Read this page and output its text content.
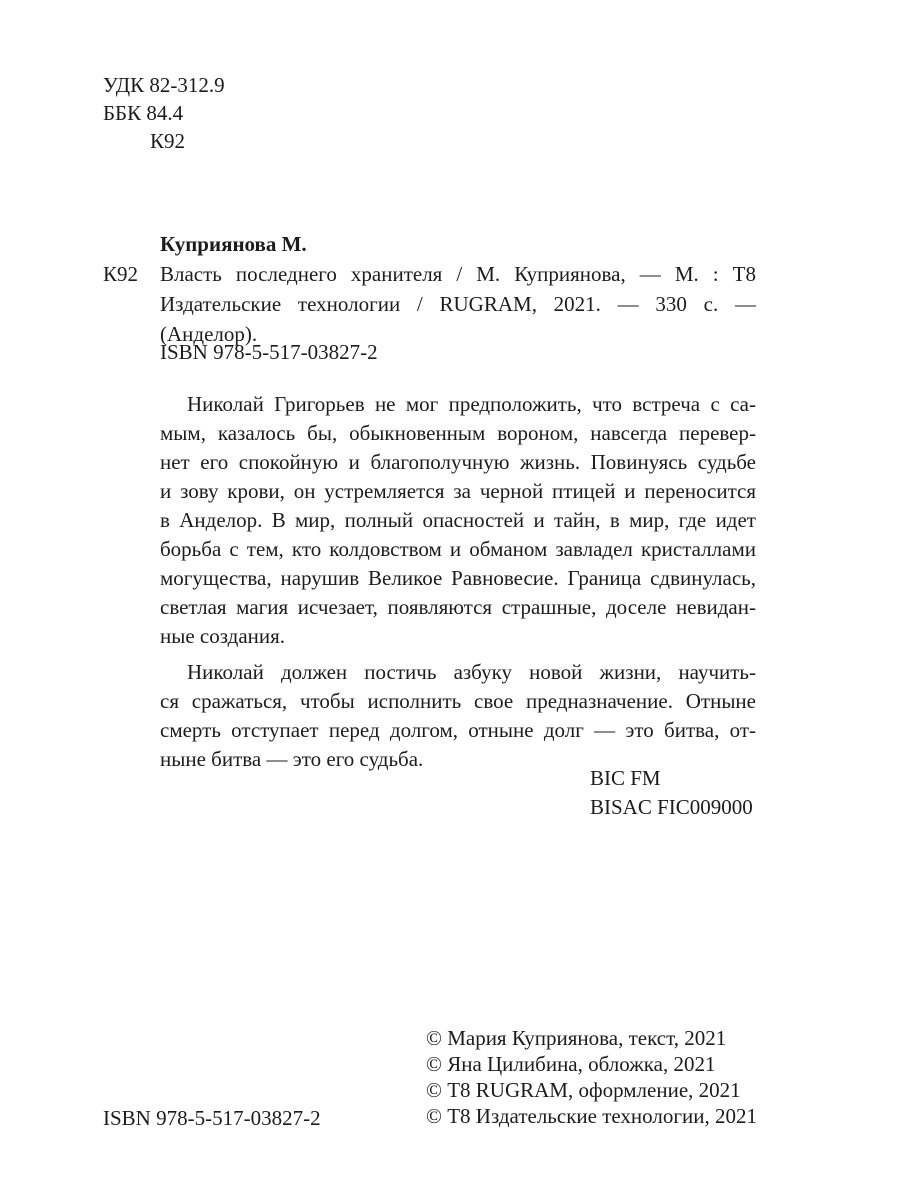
УДК 82-312.9
ББК 84.4
К92
Куприянова М.
К92 Власть последнего хранителя / М. Куприянова, — М. : Т8
Издательские технологии / RUGRAM, 2021. — 330 с. — (Анделор).
ISBN 978-5-517-03827-2
Николай Григорьев не мог предположить, что встреча с са-
мым, казалось бы, обыкновенным вороном, навсегда перевер-
нет его спокойную и благополучную жизнь. Повинуясь судьбе
и зову крови, он устремляется за черной птицей и переносится
в Анделор. В мир, полный опасностей и тайн, в мир, где идет
борьба с тем, кто колдовством и обманом завладел кристаллами
могущества, нарушив Великое Равновесие. Граница сдвинулась,
светлая магия исчезает, появляются страшные, доселе невидан-
ные создания.
Николай должен постичь азбуку новой жизни, научить-
ся сражаться, чтобы исполнить свое предназначение. Отныне
смерть отступает перед долгом, отныне долг — это битва, от-
ныне битва — это его судьба.
BIC FM
BISAC FIC009000
© Мария Куприянова, текст, 2021
© Яна Цилибина, обложка, 2021
© Т8 RUGRAM, оформление, 2021
© Т8 Издательские технологии, 2021
ISBN 978-5-517-03827-2
